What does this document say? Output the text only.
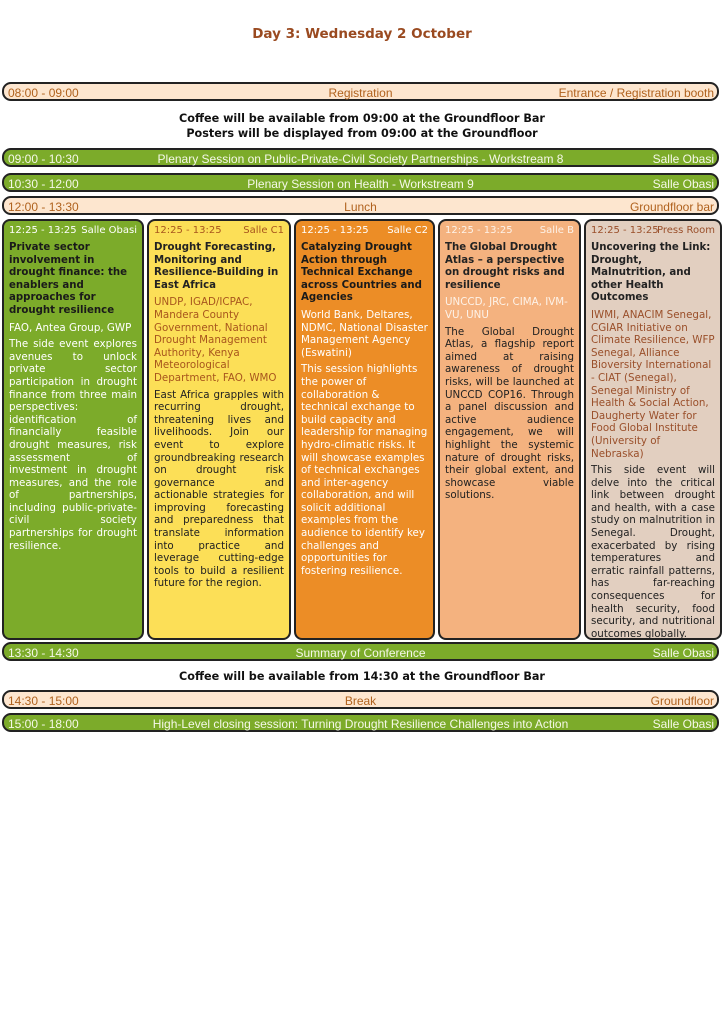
Day 3: Wednesday 2 October
08:00 - 09:00	Registration	Entrance / Registration booth
Coffee will be available from 09:00 at the Groundfloor Bar
Posters will be displayed from 09:00 at the Groundfloor
09:00 - 10:30	Plenary Session on Public-Private-Civil Society Partnerships - Workstream 8	Salle Obasi
10:30 - 12:00	Plenary Session on Health - Workstream 9	Salle Obasi
12:00 - 13:30	Lunch	Groundfloor bar
12:25 - 13:25 Salle Obasi
Private sector involvement in drought finance: the enablers and approaches for drought resilience
FAO, Antea Group, GWP
The side event explores avenues to unlock private sector participation in drought finance from three main perspectives: identification of financially feasible drought measures, risk assessment of investment in drought measures, and the role of partnerships, including public-private-civil society partnerships for drought resilience.
12:25 - 13:25 Salle C1
Drought Forecasting, Monitoring and Resilience-Building in East Africa
UNDP, IGAD/ICPAC, Mandera County Government, National Drought Management Authority, Kenya Meteorological Department, FAO, WMO
East Africa grapples with recurring drought, threatening lives and livelihoods. Join our event to explore groundbreaking research on drought risk governance and actionable strategies for improving forecasting and preparedness that translate information into practice and leverage cutting-edge tools to build a resilient future for the region.
12:25 - 13:25 Salle C2
Catalyzing Drought Action through Technical Exchange across Countries and Agencies
World Bank, Deltares, NDMC, National Disaster Management Agency (Eswatini)
This session highlights the power of collaboration & technical exchange to build capacity and leadership for managing hydro-climatic risks. It will showcase examples of technical exchanges and inter-agency collaboration, and will solicit additional examples from the audience to identify key challenges and opportunities for fostering resilience.
12:25 - 13:25	Salle B
The Global Drought Atlas – a perspective on drought risks and resilience
UNCCD, JRC, CIMA, IVM-VU, UNU
The Global Drought Atlas, a flagship report aimed at raising awareness of drought risks, will be launched at UNCCD COP16. Through a panel discussion and active audience engagement, we will highlight the systemic nature of drought risks, their global extent, and showcase viable solutions.
12:25 - 13:25
Press Room
Uncovering the Link: Drought, Malnutrition, and other Health Outcomes
IWMI, ANACIM Senegal, CGIAR Initiative on Climate Resilience, WFP Senegal, Alliance Bioversity International - CIAT (Senegal), Senegal Ministry of Health & Social Action, Daugherty Water for Food Global Institute (University of Nebraska)
This side event will delve into the critical link between drought and health, with a case study on malnutrition in Senegal. Drought, exacerbated by rising temperatures and erratic rainfall patterns, has far-reaching consequences for health security, food security, and nutritional outcomes globally.
13:30 - 14:30	Summary of Conference	Salle Obasi
Coffee will be available from 14:30 at the Groundfloor Bar
14:30 - 15:00	Break	Groundfloor
15:00 - 18:00	High-Level closing session: Turning Drought Resilience Challenges into Action	Salle Obasi
